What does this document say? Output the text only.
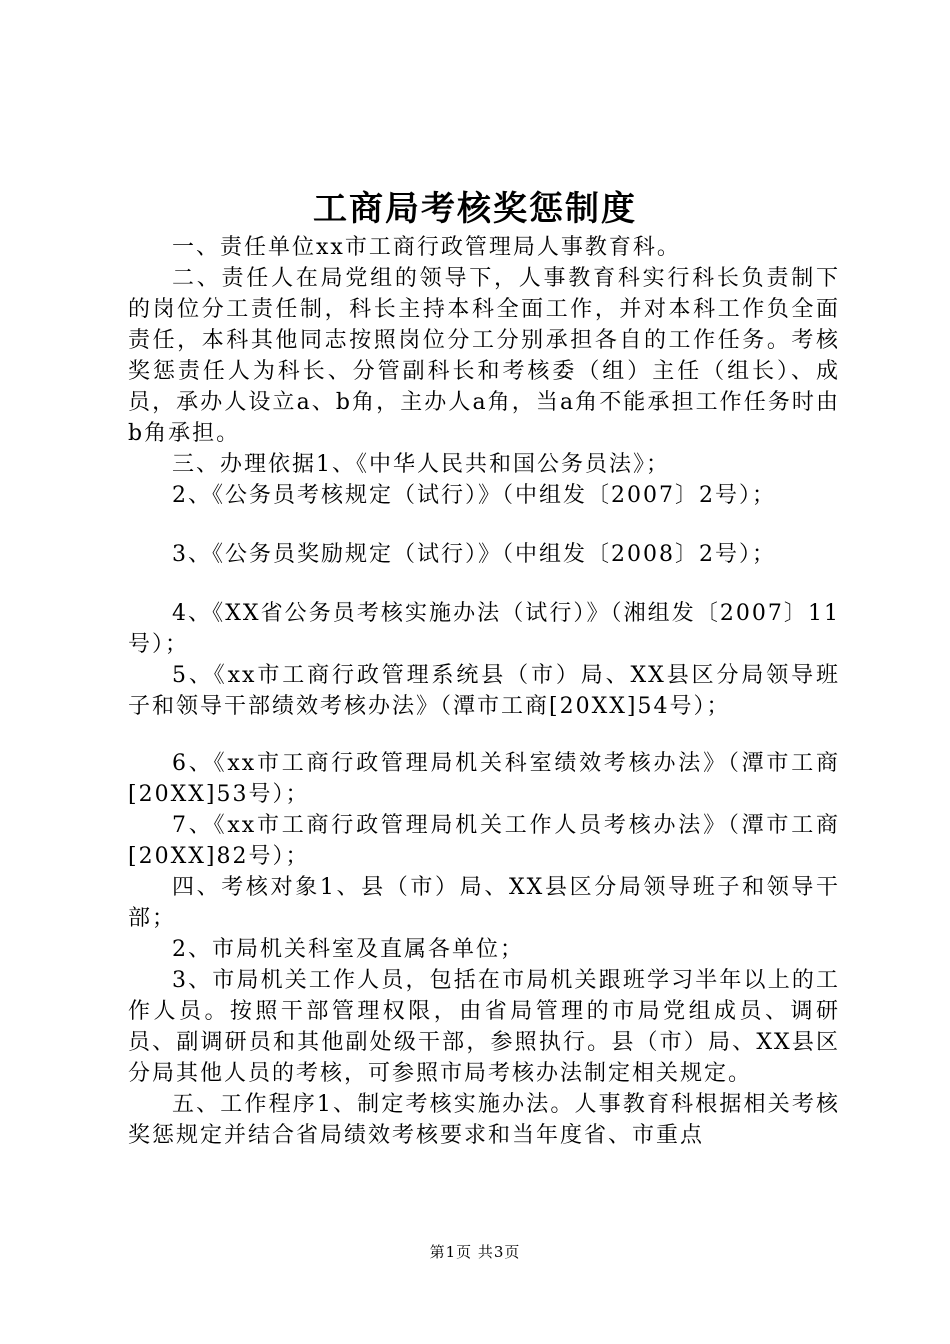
工商局考核奖惩制度

一、责任单位xx市工商行政管理局人事教育科。

二、责任人在局党组的领导下，人事教育科实行科长负责制下的岗位分工责任制，科长主持本科全面工作，并对本科工作负全面责任，本科其他同志按照岗位分工分别承担各自的工作任务。考核奖惩责任人为科长、分管副科长和考核委（组）主任（组长）、成员，承办人设立a、b角，主办人a角，当a角不能承担工作任务时由b角承担。

三、办理依据1、《中华人民共和国公务员法》；

2、《公务员考核规定（试行）》（中组发〔2007〕2号）；

3、《公务员奖励规定（试行）》（中组发〔2008〕2号）；

4、《XX省公务员考核实施办法（试行）》（湘组发〔2007〕11号）；

5、《xx市工商行政管理系统县（市）局、XX县区分局领导班子和领导干部绩效考核办法》（潭市工商[20XX]54号）；

6、《xx市工商行政管理局机关科室绩效考核办法》（潭市工商[20XX]53号）；

7、《xx市工商行政管理局机关工作人员考核办法》（潭市工商[20XX]82号）；

四、考核对象1、县（市）局、XX县区分局领导班子和领导干部；

2、市局机关科室及直属各单位；

3、市局机关工作人员，包括在市局机关跟班学习半年以上的工作人员。按照干部管理权限，由省局管理的市局党组成员、调研员、副调研员和其他副处级干部，参照执行。县（市）局、XX县区分局其他人员的考核，可参照市局考核办法制定相关规定。

五、工作程序1、制定考核实施办法。人事教育科根据相关考核奖惩规定并结合省局绩效考核要求和当年度省、市重点

第1页 共3页
